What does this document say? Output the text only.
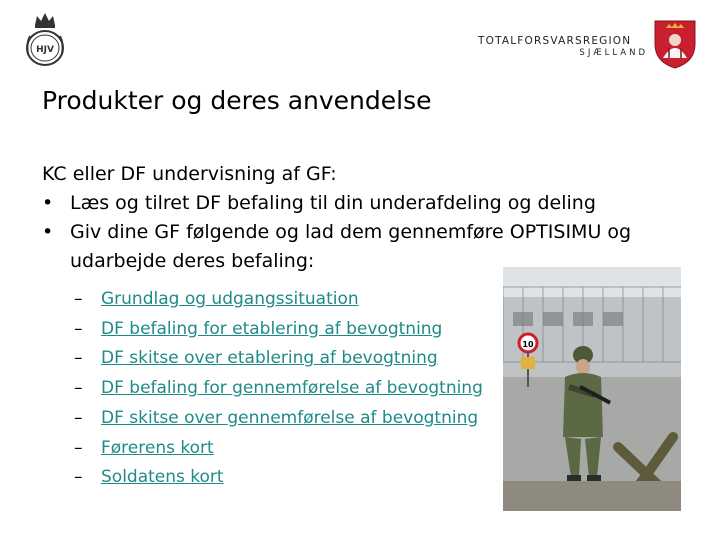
HJV
TOTALFORSVARSREGION
SJÆLLAND
Produkter og deres anvendelse
10
KC eller DF undervisning af GF:
• Læs og tilret DF befaling til din underafdeling og deling
• Giv dine GF følgende og lad dem gennemføre OPTISIMU og udarbejde deres befaling:
– Grundlag og udgangssituation
– DF befaling for etablering af bevogtning
– DF skitse over etablering af bevogtning
– DF befaling for gennemførelse af bevogtning
– DF skitse over gennemførelse af bevogtning
– Førerens kort
– Soldatens kort
